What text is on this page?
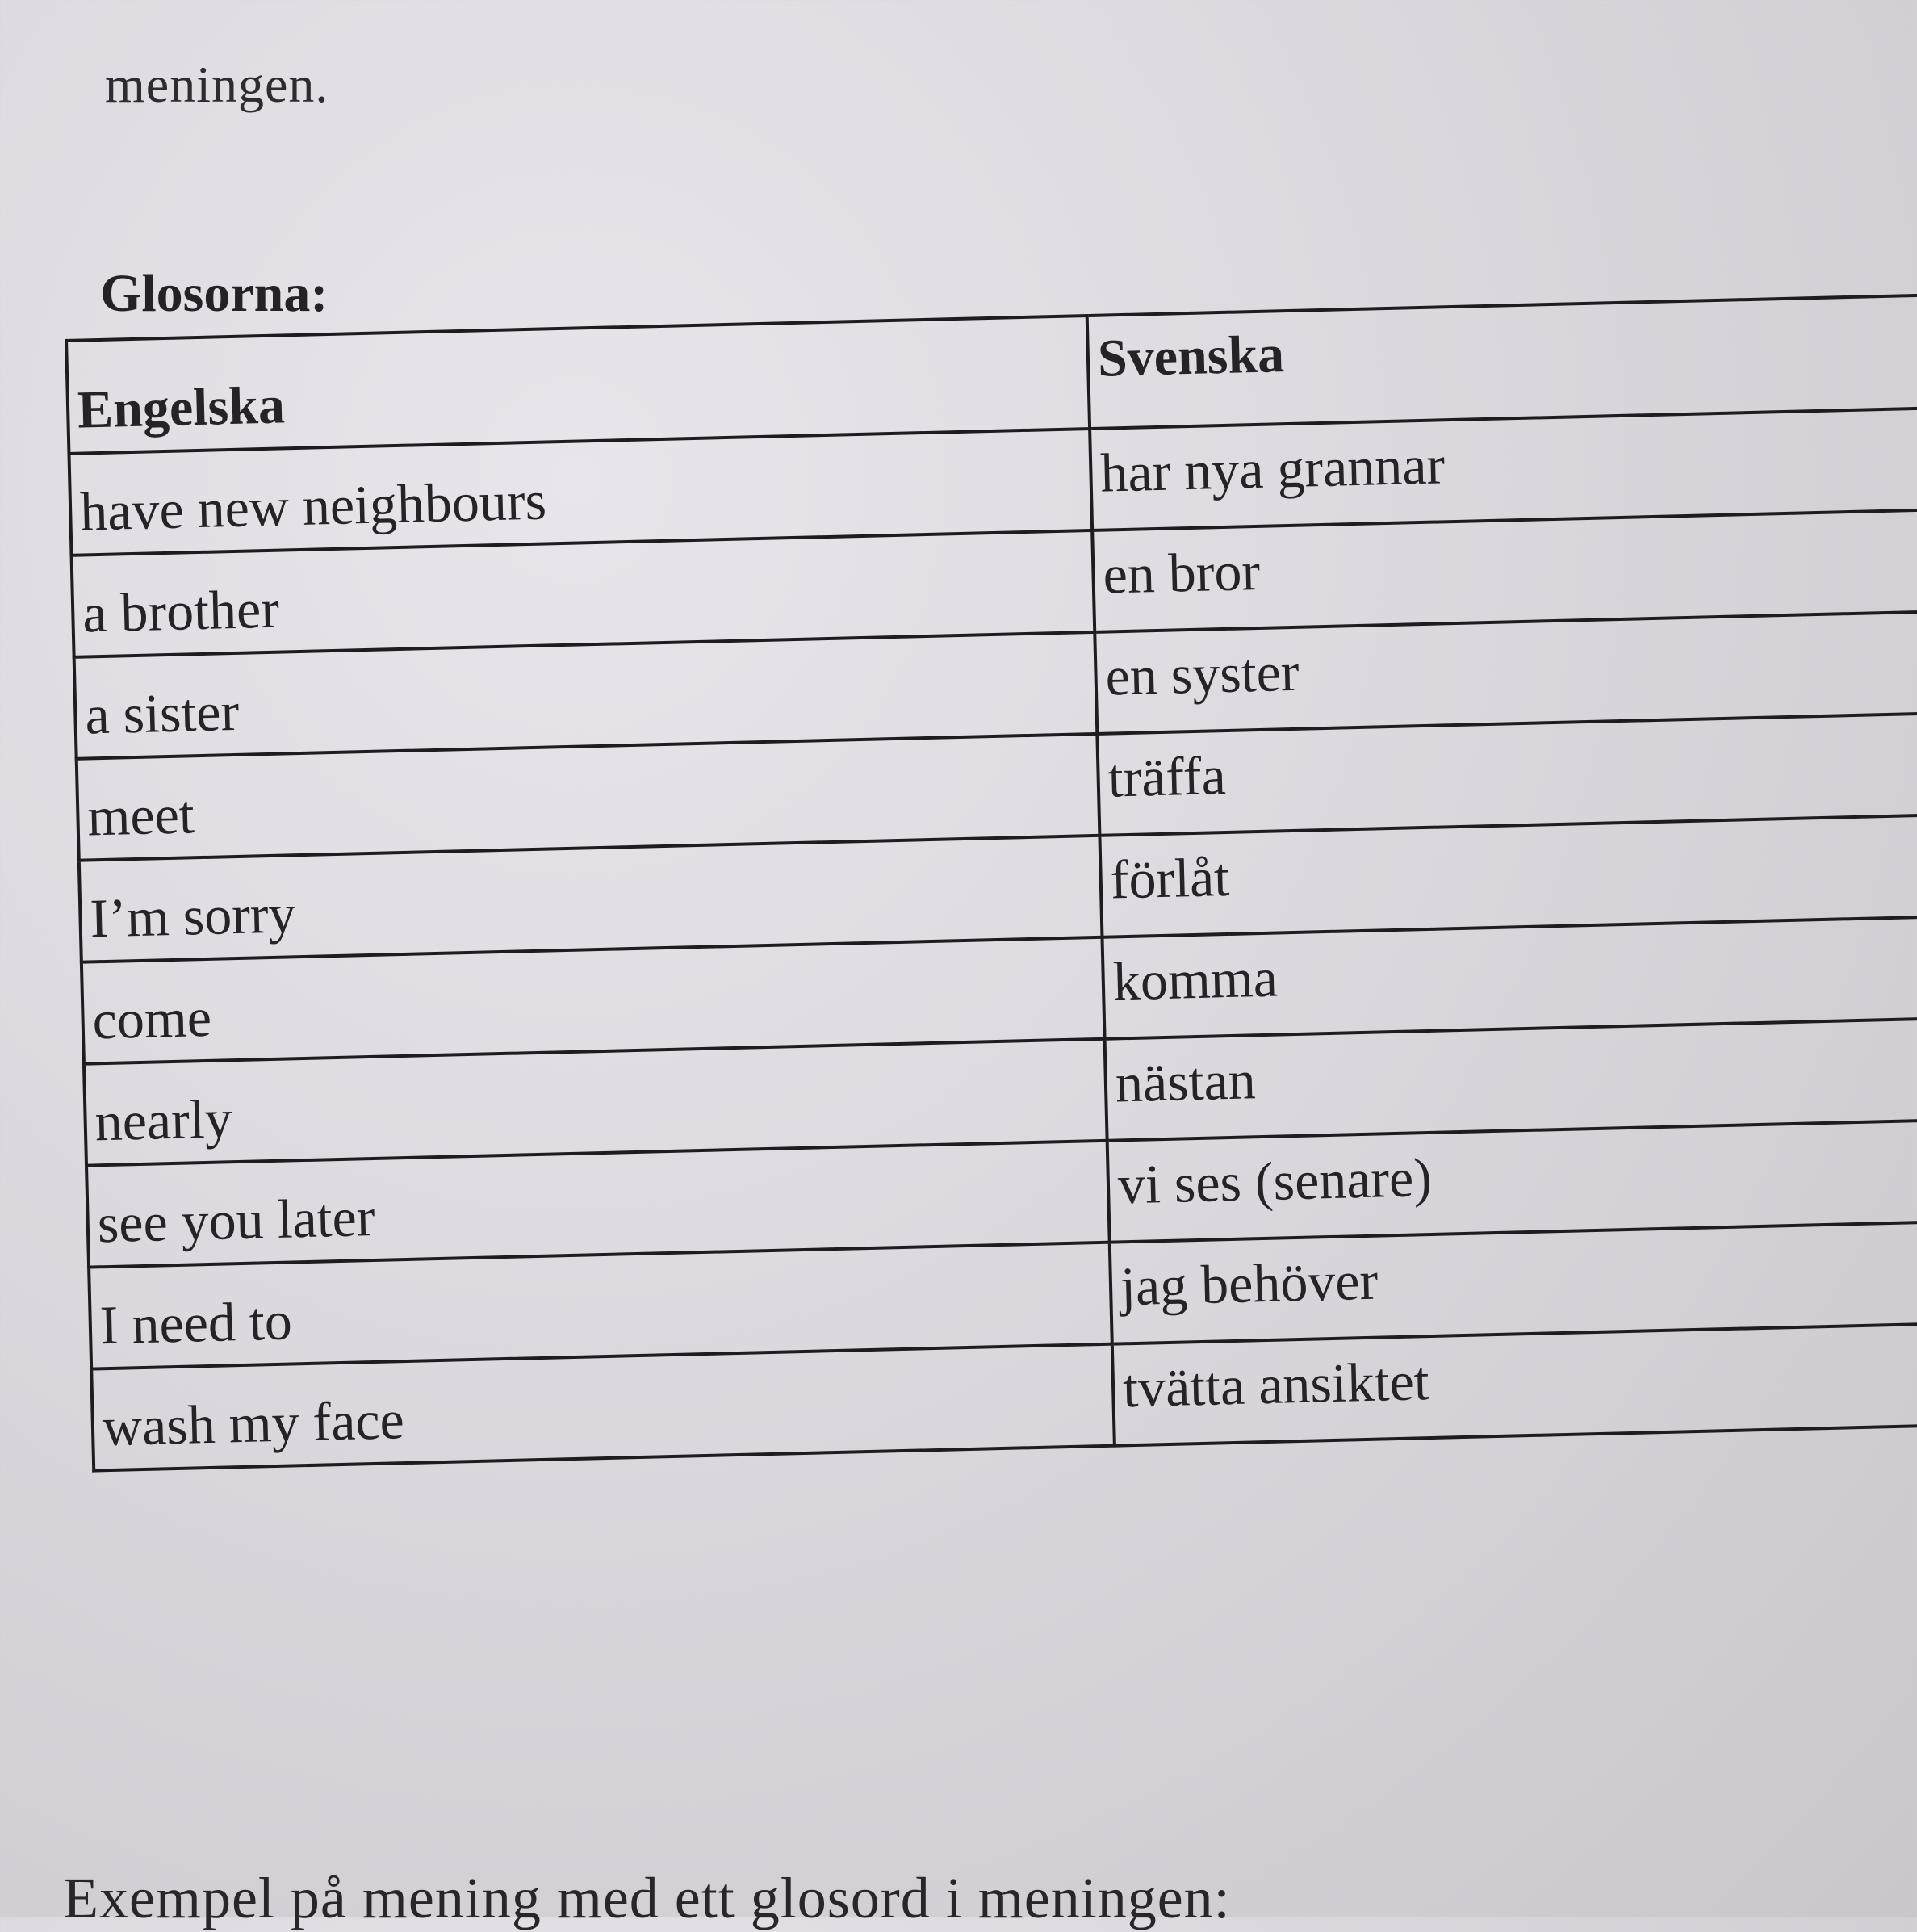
meningen.

Glosorna:
Engelska	Svenska
have new neighbours	har nya grannar
a brother	en bror
a sister	en syster
meet	träffa
I’m sorry	förlåt
come	komma
nearly	nästan
see you later	vi ses (senare)
I need to	jag behöver
wash my face	tvätta ansiktet

Exempel på mening med ett glosord i meningen:
